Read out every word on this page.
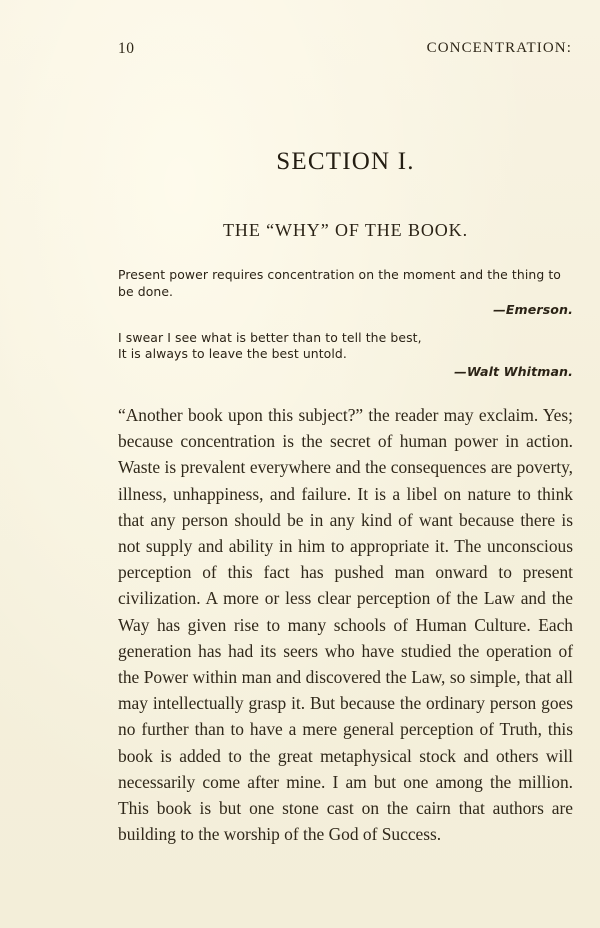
10	CONCENTRATION:
SECTION I.
THE “WHY” OF THE BOOK.
Present power requires concentration on the moment and the thing to be done.
—Emerson.
I swear I see what is better than to tell the best,
It is always to leave the best untold.
—Walt Whitman.

“Another book upon this subject?” the reader may exclaim. Yes; because concentration is the secret of human power in action. Waste is prevalent everywhere and the consequences are poverty, illness, unhappiness, and failure. It is a libel on nature to think that any person should be in any kind of want because there is not supply and ability in him to appropriate it. The unconscious perception of this fact has pushed man onward to present civilization. A more or less clear perception of the Law and the Way has given rise to many schools of Human Culture. Each generation has had its seers who have studied the operation of the Power within man and discovered the Law, so simple, that all may intellectually grasp it. But because the ordinary person goes no further than to have a mere general perception of Truth, this book is added to the great metaphysical stock and others will necessarily come after mine. I am but one among the million. This book is but one stone cast on the cairn that authors are building to the worship of the God of Success.
